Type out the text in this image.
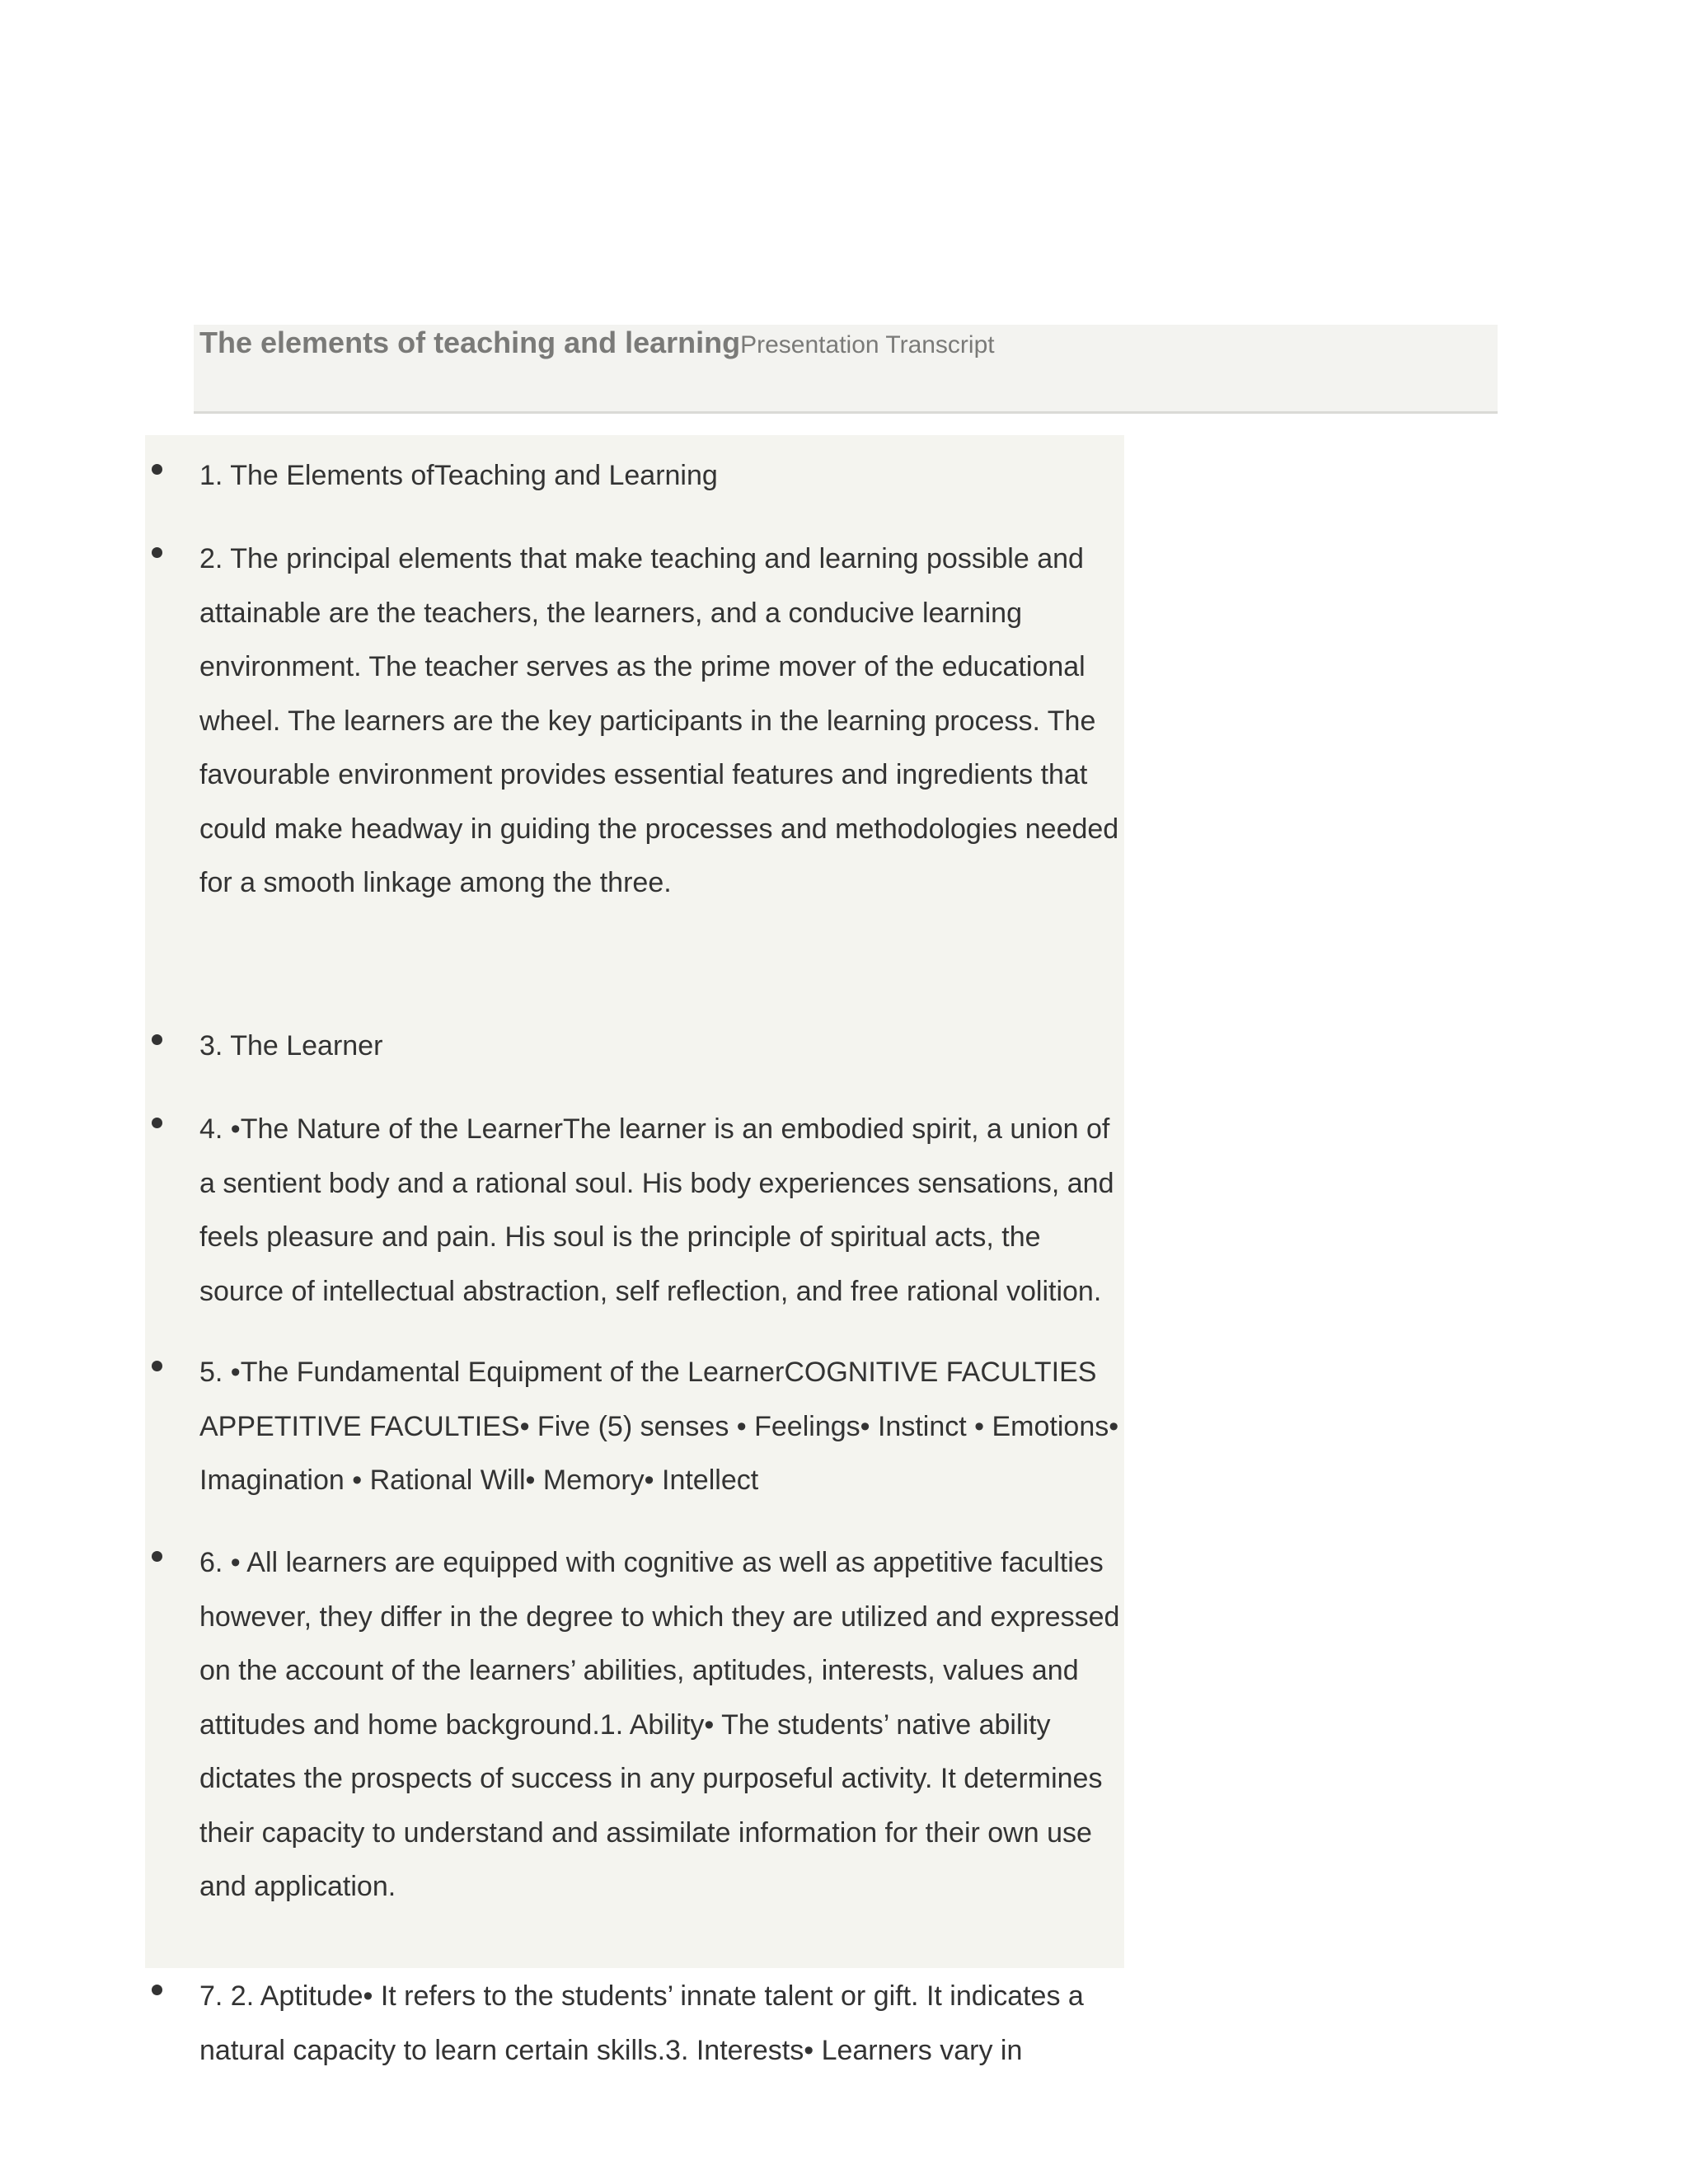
The elements of teaching and learningPresentation Transcript

1. The Elements ofTeaching and Learning

2. The principal elements that make teaching and learning possible and attainable are the teachers, the learners, and a conducive learning environment. The teacher serves as the prime mover of the educational wheel. The learners are the key participants in the learning process. The favourable environment provides essential features and ingredients that could make headway in guiding the processes and methodologies needed for a smooth linkage among the three.

3. The Learner

4. •The Nature of the LearnerThe learner is an embodied spirit, a union of a sentient body and a rational soul. His body experiences sensations, and feels pleasure and pain. His soul is the principle of spiritual acts, the source of intellectual abstraction, self reflection, and free rational volition.

5. •The Fundamental Equipment of the LearnerCOGNITIVE FACULTIES APPETITIVE FACULTIES• Five (5) senses • Feelings• Instinct • Emotions• Imagination • Rational Will• Memory• Intellect

6. • All learners are equipped with cognitive as well as appetitive faculties however, they differ in the degree to which they are utilized and expressed on the account of the learners’ abilities, aptitudes, interests, values and attitudes and home background.1. Ability• The students’ native ability dictates the prospects of success in any purposeful activity. It determines their capacity to understand and assimilate information for their own use and application.

7. 2. Aptitude• It refers to the students’ innate talent or gift. It indicates a natural capacity to learn certain skills.3. Interests• Learners vary in
